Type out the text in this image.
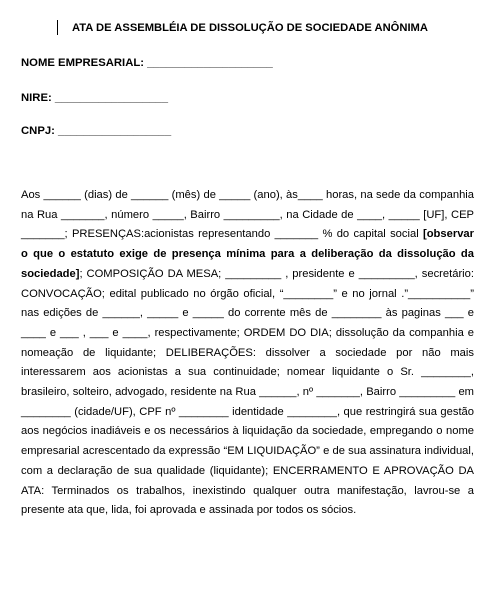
ATA DE ASSEMBLÉIA DE DISSOLUÇÃO DE SOCIEDADE ANÔNIMA
NOME EMPRESARIAL: ____________________
NIRE: __________________
CNPJ: __________________
Aos ______ (dias) de ______ (mês) de _____ (ano), às____ horas, na sede da companhia na Rua _______, número _____, Bairro _________, na Cidade de ____, _____ [UF], CEP _______; PRESENÇAS:acionistas representando _______ % do capital social [observar o que o estatuto exige de presença mínima para a deliberação da dissolução da sociedade]; COMPOSIÇÃO DA MESA; _________ , presidente e _________, secretário: CONVOCAÇÃO; edital publicado no órgão oficial, “________” e no jornal .”__________” nas edições de ______, _____ e _____ do corrente mês de ________ às paginas ___ e ____ e ___ , ___ e ____, respectivamente; ORDEM DO DIA; dissolução da companhia e nomeação de liquidante; DELIBERAÇÕES: dissolver a sociedade por não mais interessarem aos acionistas a sua continuidade; nomear liquidante o Sr. ________, brasileiro, solteiro, advogado, residente na Rua ______, nº _______, Bairro _________ em ________ (cidade/UF), CPF nº ________ identidade ________, que restringirá sua gestão aos negócios inadiáveis e os necessários à liquidação da sociedade, empregando o nome empresarial acrescentado da expressão “EM LIQUIDAÇÃO” e de sua assinatura individual, com a declaração de sua qualidade (liquidante); ENCERRAMENTO E APROVAÇÃO DA ATA: Terminados os trabalhos, inexistindo qualquer outra manifestação, lavrou-se a presente ata que, lida, foi aprovada e assinada por todos os sócios.
